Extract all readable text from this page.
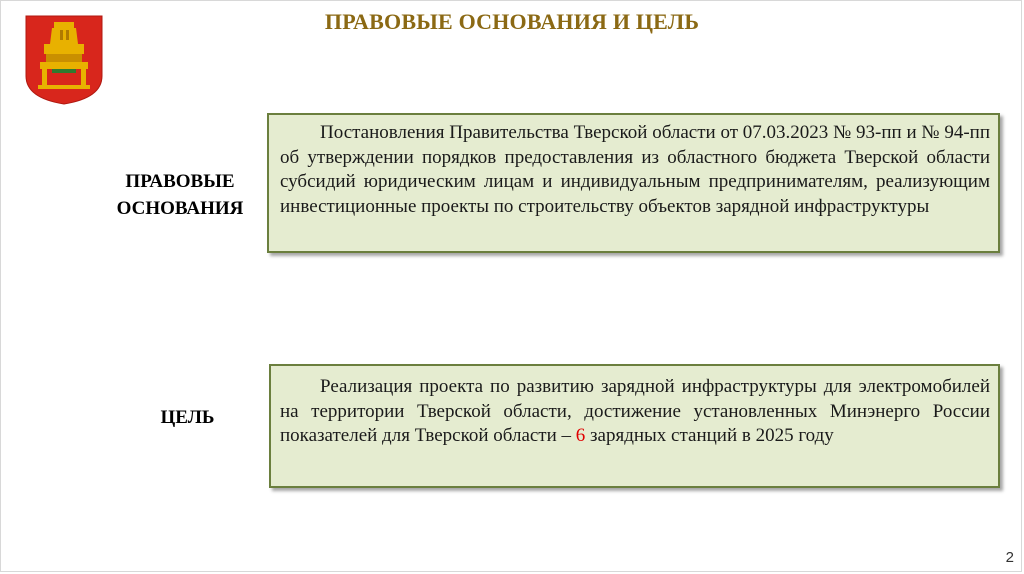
ПРАВОВЫЕ ОСНОВАНИЯ И ЦЕЛЬ
ПРАВОВЫЕ ОСНОВАНИЯ
Постановления Правительства Тверской области от 07.03.2023 № 93-пп и № 94-пп об утверждении порядков предоставления из областного бюджета Тверской области субсидий юридическим лицам и индивидуальным предпринимателям, реализующим инвестиционные проекты по строительству объектов зарядной инфраструктуры
ЦЕЛЬ
Реализация проекта по развитию зарядной инфраструктуры для электромобилей на территории Тверской области, достижение установленных Минэнерго России показателей для Тверской области – 6 зарядных станций в 2025 году
2
